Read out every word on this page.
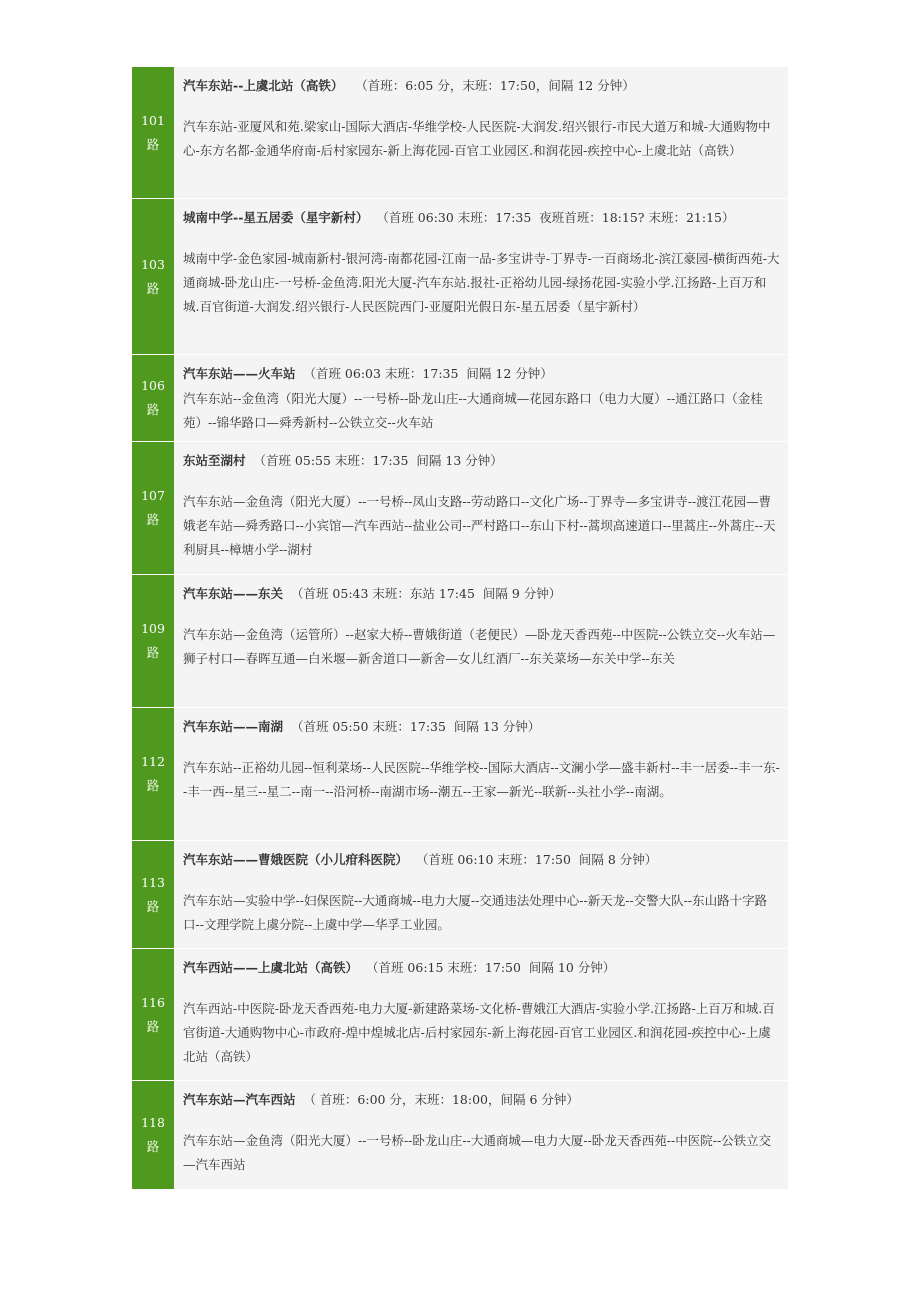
101
路
汽车东站--上虞北站（高铁）   （首班：6:05 分，末班：17:50，间隔 12 分钟）
汽车东站-亚厦风和苑.梁家山-国际大酒店-华维学校-人民医院-大润发.绍兴银行-市民大道万和城-大通购物中心-东方名都-金通华府南-后村家园东-新上海花园-百官工业园区.和润花园-疾控中心-上虞北站（高铁）
103
路
城南中学--星五居委（星宇新村）  （首班 06:30 末班：17:35  夜班首班：18:15? 末班：21:15）
城南中学-金色家园-城南新村-银河湾-南都花园-江南一品-多宝讲寺-丁界寺-一百商场北-滨江豪园-横街西苑-大通商城-卧龙山庄-一号桥-金鱼湾.阳光大厦-汽车东站.报社-正裕幼儿园-绿扬花园-实验小学.江扬路-上百万和城.百官街道-大润发.绍兴银行-人民医院西门-亚厦阳光假日东-星五居委（星宇新村）
106
路
汽车东站——火车站  （首班 06:03 末班：17:35  间隔 12 分钟）
汽车东站--金鱼湾（阳光大厦）--一号桥--卧龙山庄--大通商城—花园东路口（电力大厦）--通江路口（金桂苑）--锦华路口—舜秀新村--公铁立交--火车站
107
路
东站至湖村  （首班 05:55 末班：17:35  间隔 13 分钟）
汽车东站—金鱼湾（阳光大厦）--一号桥--凤山支路--劳动路口--文化广场--丁界寺—多宝讲寺--渡江花园—曹娥老车站—舜秀路口--小宾馆—汽车西站--盐业公司--严村路口--东山下村--蒿坝高速道口--里蒿庄--外蒿庄--天利厨具--樟塘小学--湖村
109
路
汽车东站——东关  （首班 05:43 末班：东站 17:45  间隔 9 分钟）
汽车东站—金鱼湾（运管所）--赵家大桥--曹娥街道（老便民）—卧龙天香西苑--中医院--公铁立交--火车站—狮子村口—春晖互通—白米堰—新舍道口—新舍—女儿红酒厂--东关菜场—东关中学--东关
112
路
汽车东站——南湖  （首班 05:50 末班：17:35  间隔 13 分钟）
汽车东站--正裕幼儿园--恒利菜场--人民医院--华维学校--国际大酒店--文澜小学—盛丰新村--丰一居委--丰一东--丰一西--星三--星二--南一--沿河桥--南湖市场--潮五--王家—新光--联新--头社小学--南湖。
113
路
汽车东站——曹娥医院（小儿疳科医院）  （首班 06:10 末班：17:50  间隔 8 分钟）
汽车东站—实验中学--妇保医院--大通商城--电力大厦--交通违法处理中心--新天龙--交警大队--东山路十字路口--文理学院上虞分院--上虞中学—华孚工业园。
116
路
汽车西站——上虞北站（高铁）  （首班 06:15 末班：17:50  间隔 10 分钟）
汽车西站-中医院-卧龙天香西苑-电力大厦-新建路菜场-文化桥-曹娥江大酒店-实验小学.江扬路-上百万和城.百官街道-大通购物中心-市政府-煌中煌城北店-后村家园东-新上海花园-百官工业园区.和润花园-疾控中心-上虞北站（高铁）
118
路
汽车东站—汽车西站  （ 首班：6:00 分，末班：18:00，间隔 6 分钟）
汽车东站—金鱼湾（阳光大厦）--一号桥--卧龙山庄--大通商城—电力大厦--卧龙天香西苑--中医院--公铁立交—汽车西站
